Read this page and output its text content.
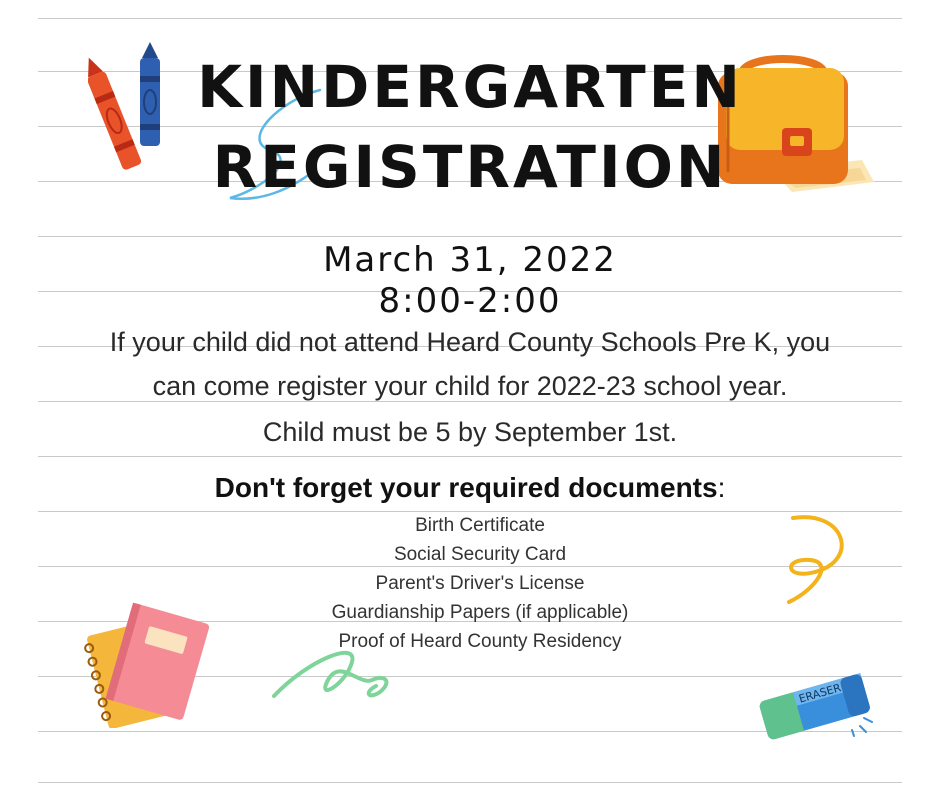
KINDERGARTEN
REGISTRATION
March 31, 2022
8:00-2:00
If your child did not attend Heard County Schools Pre K, you
can come register your child for 2022-23 school year.
Child must be 5 by September 1st.
Don't forget your required documents:
Birth Certificate
Social Security Card
Parent's Driver's License
Guardianship Papers (if applicable)
Proof of Heard County Residency
ERASER
